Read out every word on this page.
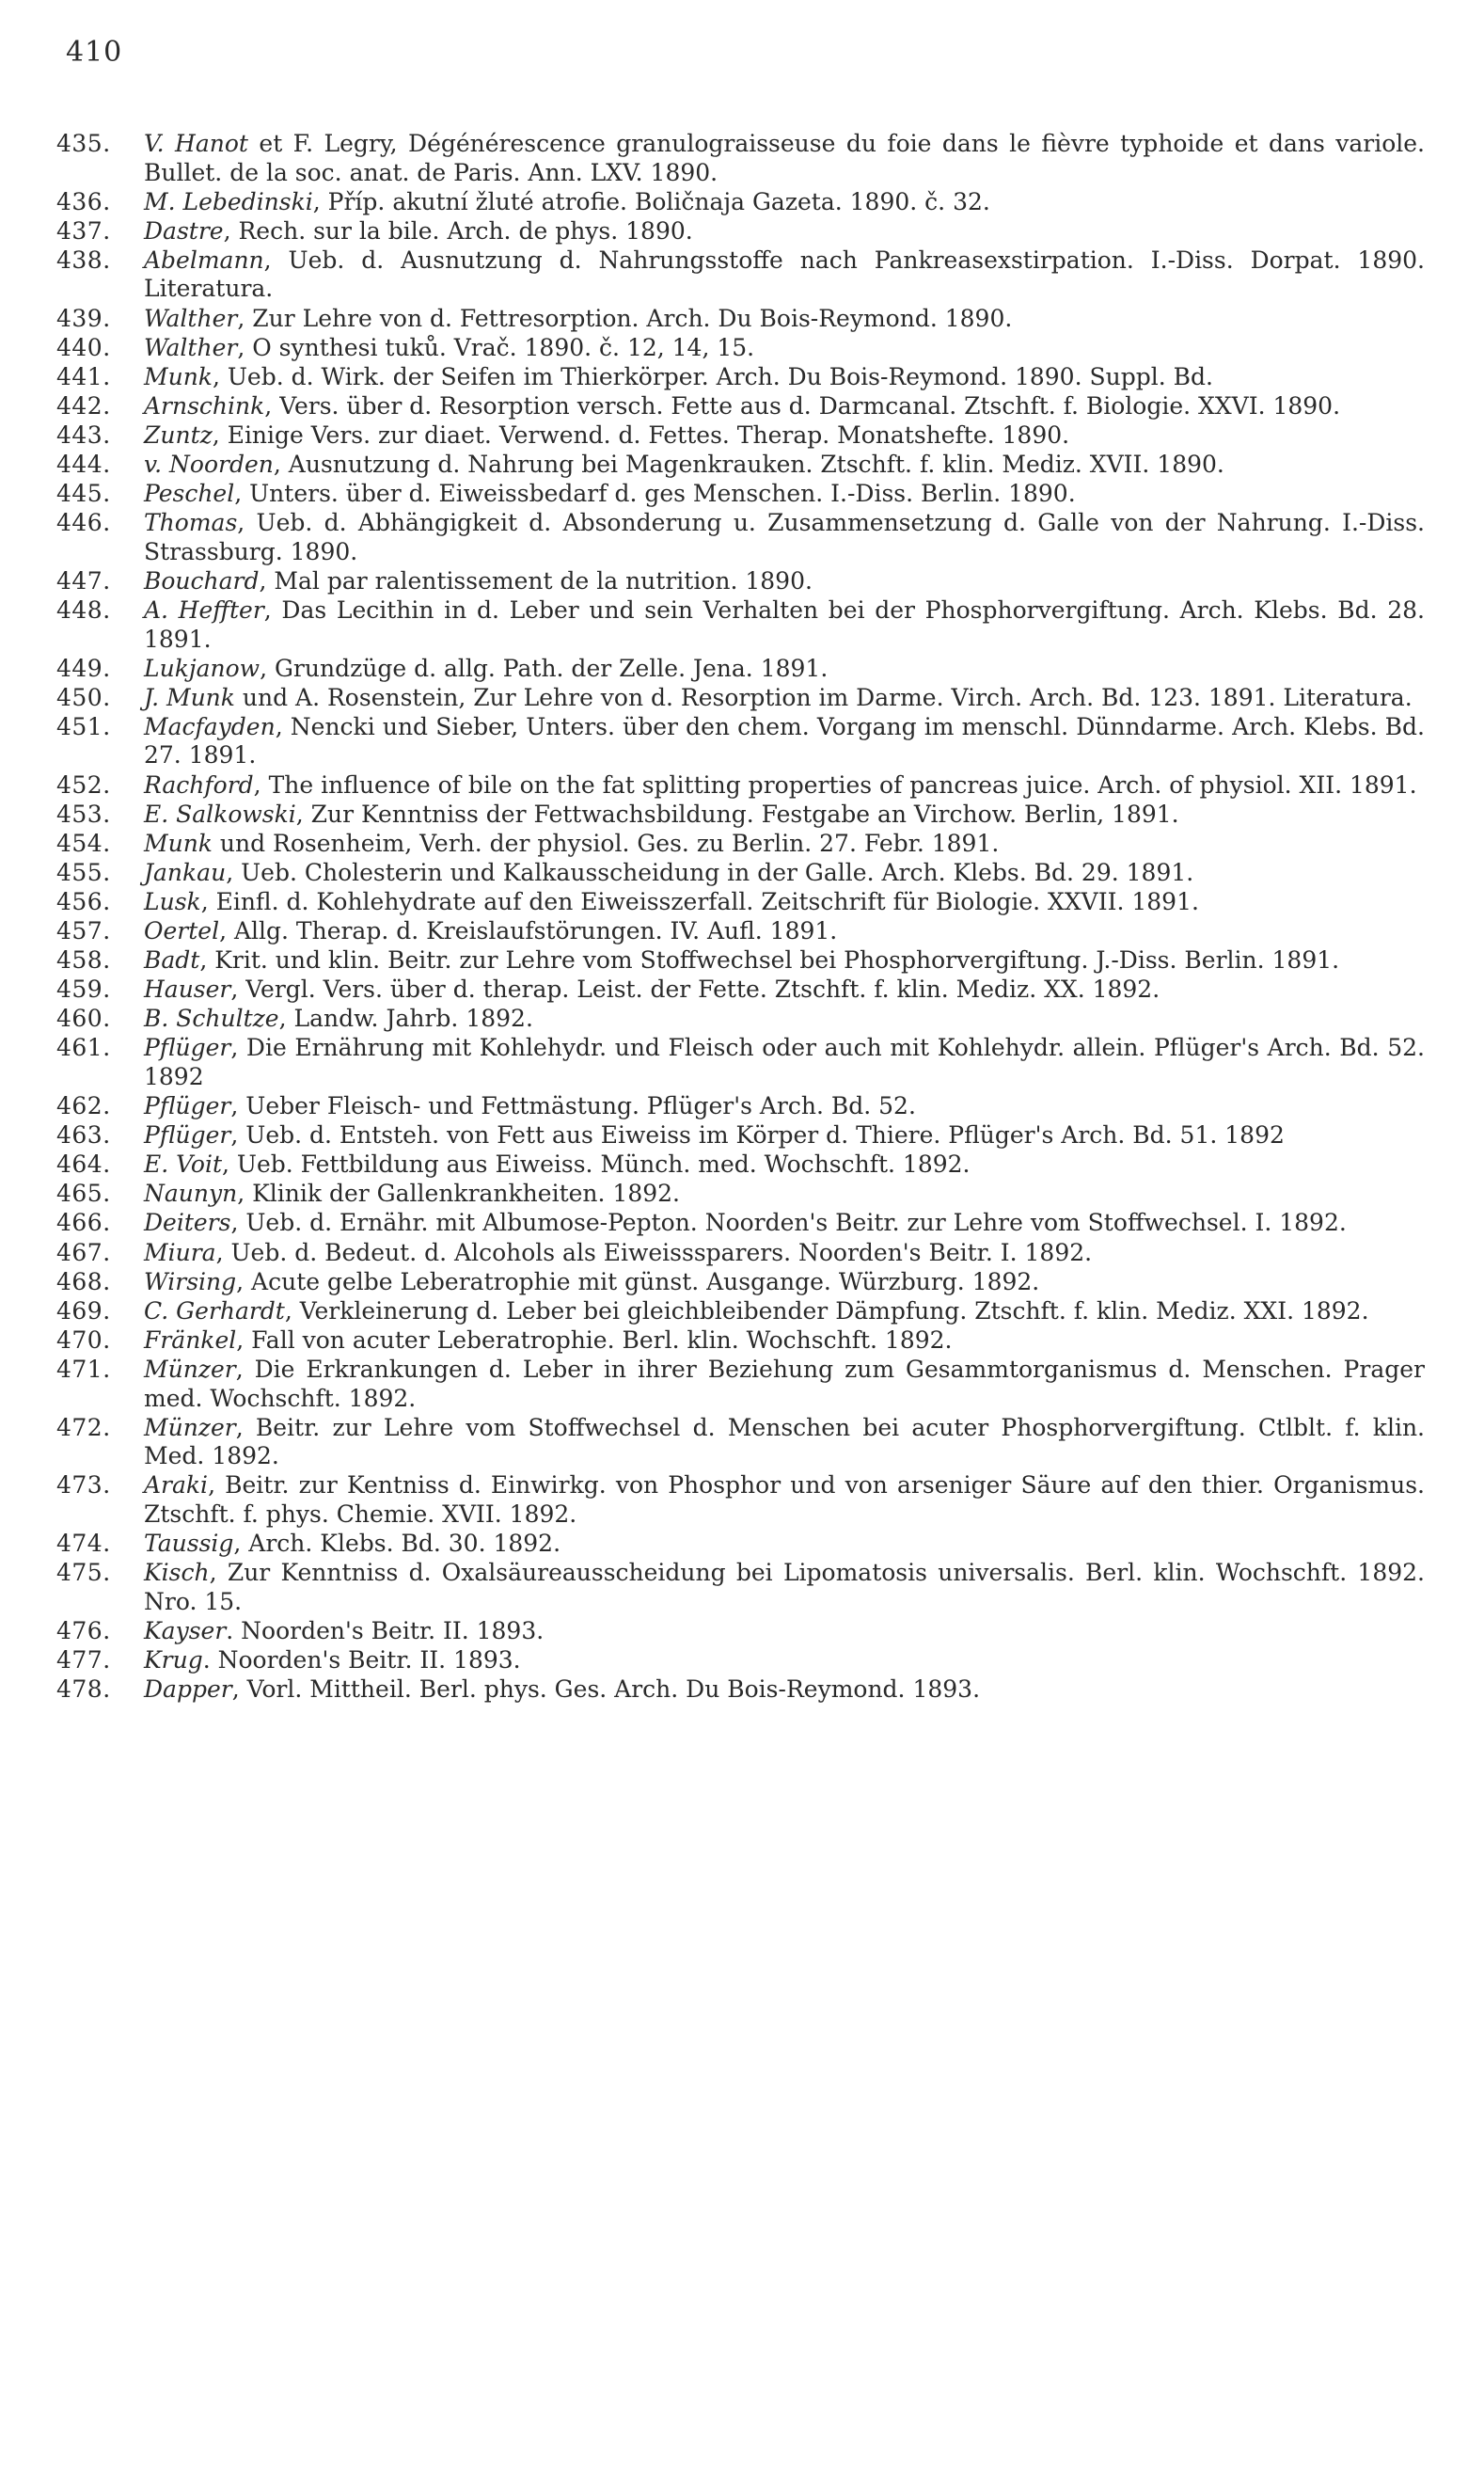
410
435.	V. Hanot et F. Legry, Dégénérescence granulograisseuse du foie dans le fièvre typhoide et dans variole. Bullet. de la soc. anat. de Paris. Ann. LXV. 1890.
436.	M. Lebedinski, Příp. akutní žluté atrofie. Boličnaja Gazeta. 1890. č. 32.
437.	Dastre, Rech. sur la bile. Arch. de phys. 1890.
438.	Abelmann, Ueb. d. Ausnutzung d. Nahrungsstoffe nach Pankreasexstirpation. I.-Diss. Dorpat. 1890. Literatura.
439.	Walther, Zur Lehre von d. Fettresorption. Arch. Du Bois-Reymond. 1890.
440.	Walther, O synthesi tuků. Vrač. 1890. č. 12, 14, 15.
441.	Munk, Ueb. d. Wirk. der Seifen im Thierkörper. Arch. Du Bois-Reymond. 1890. Suppl. Bd.
442.	Arnschink, Vers. über d. Resorption versch. Fette aus d. Darmcanal. Ztschft. f. Biologie. XXVI. 1890.
443.	Zuntz, Einige Vers. zur diaet. Verwend. d. Fettes. Therap. Monatshefte. 1890.
444.	v. Noorden, Ausnutzung d. Nahrung bei Magenkrauken. Ztschft. f. klin. Mediz. XVII. 1890.
445.	Peschel, Unters. über d. Eiweissbedarf d. ges Menschen. I.-Diss. Berlin. 1890.
446.	Thomas, Ueb. d. Abhängigkeit d. Absonderung u. Zusammensetzung d. Galle von der Nahrung. I.-Diss. Strassburg. 1890.
447.	Bouchard, Mal par ralentissement de la nutrition. 1890.
448.	A. Heffter, Das Lecithin in d. Leber und sein Verhalten bei der Phosphorvergiftung. Arch. Klebs. Bd. 28. 1891.
449.	Lukjanow, Grundzüge d. allg. Path. der Zelle. Jena. 1891.
450.	J. Munk und A. Rosenstein, Zur Lehre von d. Resorption im Darme. Virch. Arch. Bd. 123. 1891. Literatura.
451.	Macfayden, Nencki und Sieber, Unters. über den chem. Vorgang im menschl. Dünndarme. Arch. Klebs. Bd. 27. 1891.
452.	Rachford, The influence of bile on the fat splitting properties of pancreas juice. Arch. of physiol. XII. 1891.
453.	E. Salkowski, Zur Kenntniss der Fettwachsbildung. Festgabe an Virchow. Berlin, 1891.
454.	Munk und Rosenheim, Verh. der physiol. Ges. zu Berlin. 27. Febr. 1891.
455.	Jankau, Ueb. Cholesterin und Kalkausscheidung in der Galle. Arch. Klebs. Bd. 29. 1891.
456.	Lusk, Einfl. d. Kohlehydrate auf den Eiweisszerfall. Zeitschrift für Biologie. XXVII. 1891.
457.	Oertel, Allg. Therap. d. Kreislaufstörungen. IV. Aufl. 1891.
458.	Badt, Krit. und klin. Beitr. zur Lehre vom Stoffwechsel bei Phosphorvergiftung. J.-Diss. Berlin. 1891.
459.	Hauser, Vergl. Vers. über d. therap. Leist. der Fette. Ztschft. f. klin. Mediz. XX. 1892.
460.	B. Schultze, Landw. Jahrb. 1892.
461.	Pflüger, Die Ernährung mit Kohlehydr. und Fleisch oder auch mit Kohlehydr. allein. Pflüger's Arch. Bd. 52. 1892
462.	Pflüger, Ueber Fleisch- und Fettmästung. Pflüger's Arch. Bd. 52.
463.	Pflüger, Ueb. d. Entsteh. von Fett aus Eiweiss im Körper d. Thiere. Pflüger's Arch. Bd. 51. 1892
464.	E. Voit, Ueb. Fettbildung aus Eiweiss. Münch. med. Wochschft. 1892.
465.	Naunyn, Klinik der Gallenkrankheiten. 1892.
466.	Deiters, Ueb. d. Ernähr. mit Albumose-Pepton. Noorden's Beitr. zur Lehre vom Stoffwechsel. I. 1892.
467.	Miura, Ueb. d. Bedeut. d. Alcohols als Eiweisssparers. Noorden's Beitr. I. 1892.
468.	Wirsing, Acute gelbe Leberatrophie mit günst. Ausgange. Würzburg. 1892.
469.	C. Gerhardt, Verkleinerung d. Leber bei gleichbleibender Dämpfung. Ztschft. f. klin. Mediz. XXI. 1892.
470.	Fränkel, Fall von acuter Leberatrophie. Berl. klin. Wochschft. 1892.
471.	Münzer, Die Erkrankungen d. Leber in ihrer Beziehung zum Gesammtorganismus d. Menschen. Prager med. Wochschft. 1892.
472.	Münzer, Beitr. zur Lehre vom Stoffwechsel d. Menschen bei acuter Phosphorvergiftung. Ctlblt. f. klin. Med. 1892.
473.	Araki, Beitr. zur Kentniss d. Einwirkg. von Phosphor und von arseniger Säure auf den thier. Organismus. Ztschft. f. phys. Chemie. XVII. 1892.
474.	Taussig, Arch. Klebs. Bd. 30. 1892.
475.	Kisch, Zur Kenntniss d. Oxalsäureausscheidung bei Lipomatosis universalis. Berl. klin. Wochschft. 1892. Nro. 15.
476.	Kayser. Noorden's Beitr. II. 1893.
477.	Krug. Noorden's Beitr. II. 1893.
478.	Dapper, Vorl. Mittheil. Berl. phys. Ges. Arch. Du Bois-Reymond. 1893.
